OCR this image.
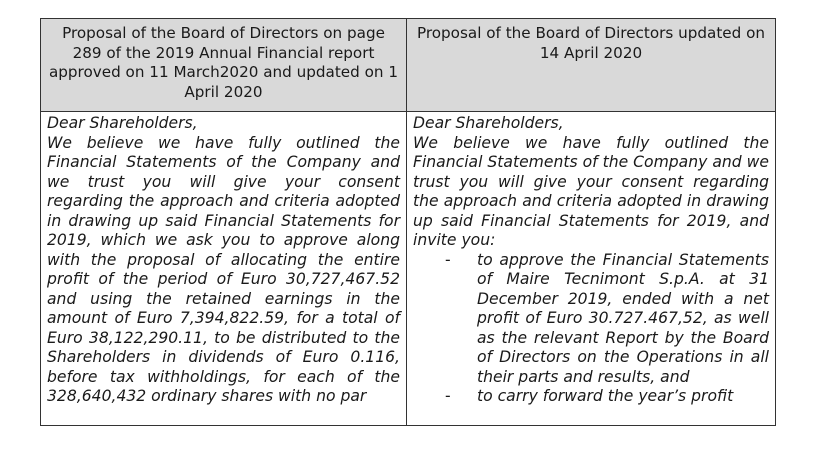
Proposal of the Board of Directors on page 289 of the 2019 Annual Financial report approved on 11 March2020 and updated on 1 April 2020
Proposal of the Board of Directors updated on 14 April 2020
Dear Shareholders,
We believe we have fully outlined the Financial Statements of the Company and we trust you will give your consent regarding the approach and criteria adopted in drawing up said Financial Statements for 2019, which we ask you to approve along with the proposal of allocating the entire profit of the period of Euro 30,727,467.52 and using the retained earnings in the amount of Euro 7,394,822.59, for a total of Euro 38,122,290.11, to be distributed to the Shareholders in dividends of Euro 0.116, before tax withholdings, for each of the 328,640,432 ordinary shares with no par
Dear Shareholders,
We believe we have fully outlined the Financial Statements of the Company and we trust you will give your consent regarding the approach and criteria adopted in drawing up said Financial Statements for 2019, and invite you:
- to approve the Financial Statements of Maire Tecnimont S.p.A. at 31 December 2019, ended with a net profit of Euro 30.727.467,52, as well as the relevant Report by the Board of Directors on the Operations in all their parts and results, and
- to carry forward the year’s profit
